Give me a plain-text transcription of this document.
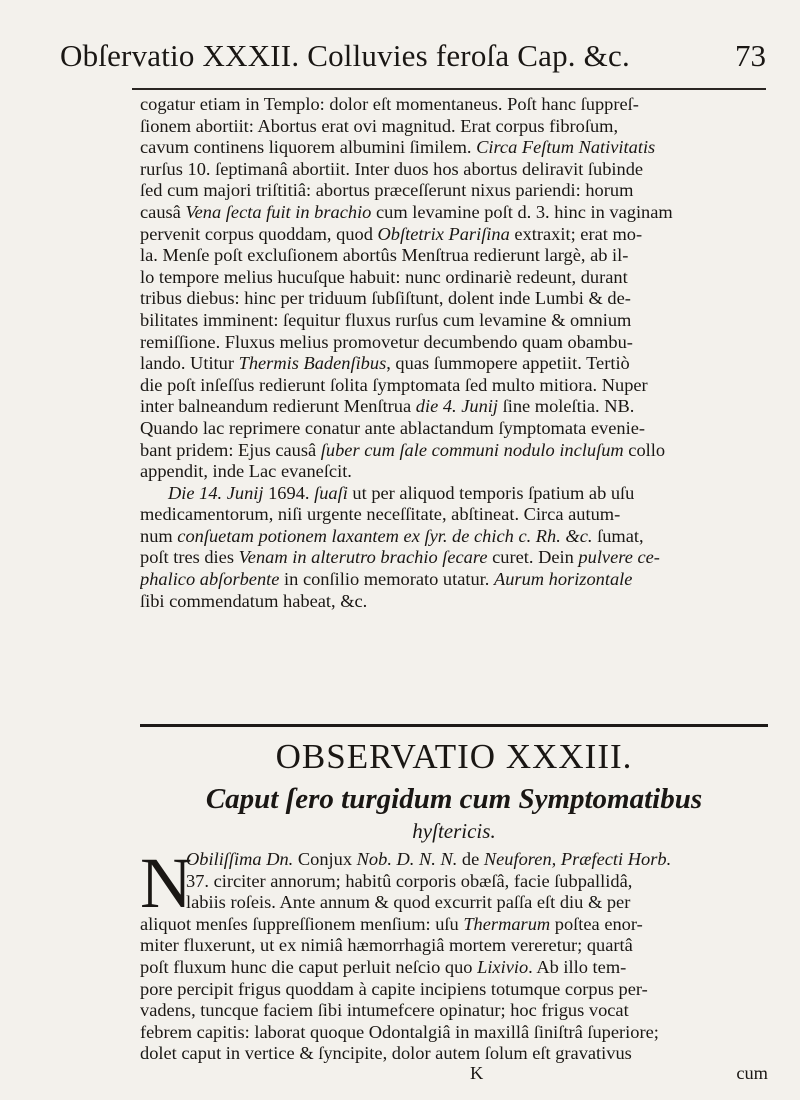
Obſervatio XXXII. Colluvies feroſa Cap. &c.	73
cogatur etiam in Templo: dolor eſt momentaneus. Poſt hanc ſuppreſ-
ſionem abortiit: Abortus erat ovi magnitud. Erat corpus fibroſum,
cavum continens liquorem albumini ſimilem. Circa Feſtum Nativitatis
rurſus 10. ſeptimanâ abortiit. Inter duos hos abortus deliravit ſubinde
ſed cum majori triſtitiâ: abortus præceſſerunt nixus pariendi: horum
causâ Vena ſecta fuit in brachio cum levamine poſt d. 3. hinc in vaginam
pervenit corpus quoddam, quod Obſtetrix Pariſina extraxit; erat mo-
la. Menſe poſt excluſionem abortûs Menſtrua redierunt largè, ab il-
lo tempore melius hucuſque habuit: nunc ordinariè redeunt, durant
tribus diebus: hinc per triduum ſubſiſtunt, dolent inde Lumbi & de-
bilitates imminent: ſequitur fluxus rurſus cum levamine & omnium
remiſſione. Fluxus melius promovetur decumbendo quam obambu-
lando. Utitur Thermis Badenſibus, quas ſummopere appetiit. Tertiò
die poſt inſeſſus redierunt ſolita ſymptomata ſed multo mitiora. Nuper
inter balneandum redierunt Menſtrua die 4. Junij ſine moleſtia. NB.
Quando lac reprimere conatur ante ablactandum ſymptomata evenie-
bant pridem: Ejus causâ ſuber cum ſale communi nodulo incluſum collo
appendit, inde Lac evaneſcit.
Die 14. Junij 1694. ſuaſi ut per aliquod temporis ſpatium ab uſu
medicamentorum, niſi urgente neceſſitate, abſtineat. Circa autum-
num conſuetam potionem laxantem ex ſyr. de chich c. Rh. &c. ſumat,
poſt tres dies Venam in alterutro brachio ſecare curet. Dein pulvere ce-
phalico abſorbente in conſilio memorato utatur. Aurum horizontale
ſibi commendatum habeat, &c.
OBSERVATIO XXXIII.
Caput ſero turgidum cum Symptomatibus
hyſtericis.
N
Obiliſſima Dn. Conjux Nob. D. N. N. de Neuforen, Præfecti Horb.
37. circiter annorum; habitû corporis obæſâ, facie ſubpallidâ,
labiis roſeis. Ante annum & quod excurrit paſſa eſt diu & per
aliquot menſes ſuppreſſionem menſium: uſu Thermarum poſtea enor-
miter fluxerunt, ut ex nimiâ hæmorrhagiâ mortem vereretur; quartâ
poſt fluxum hunc die caput perluit neſcio quo Lixivio. Ab illo tem-
pore percipit frigus quoddam à capite incipiens totumque corpus per-
vadens, tuncque faciem ſibi intumefcere opinatur; hoc frigus vocat
febrem capitis: laborat quoque Odontalgiâ in maxillâ ſiniſtrâ ſuperiore;
dolet caput in vertice & ſyncipite, dolor autem ſolum eſt gravativus
K	cum
